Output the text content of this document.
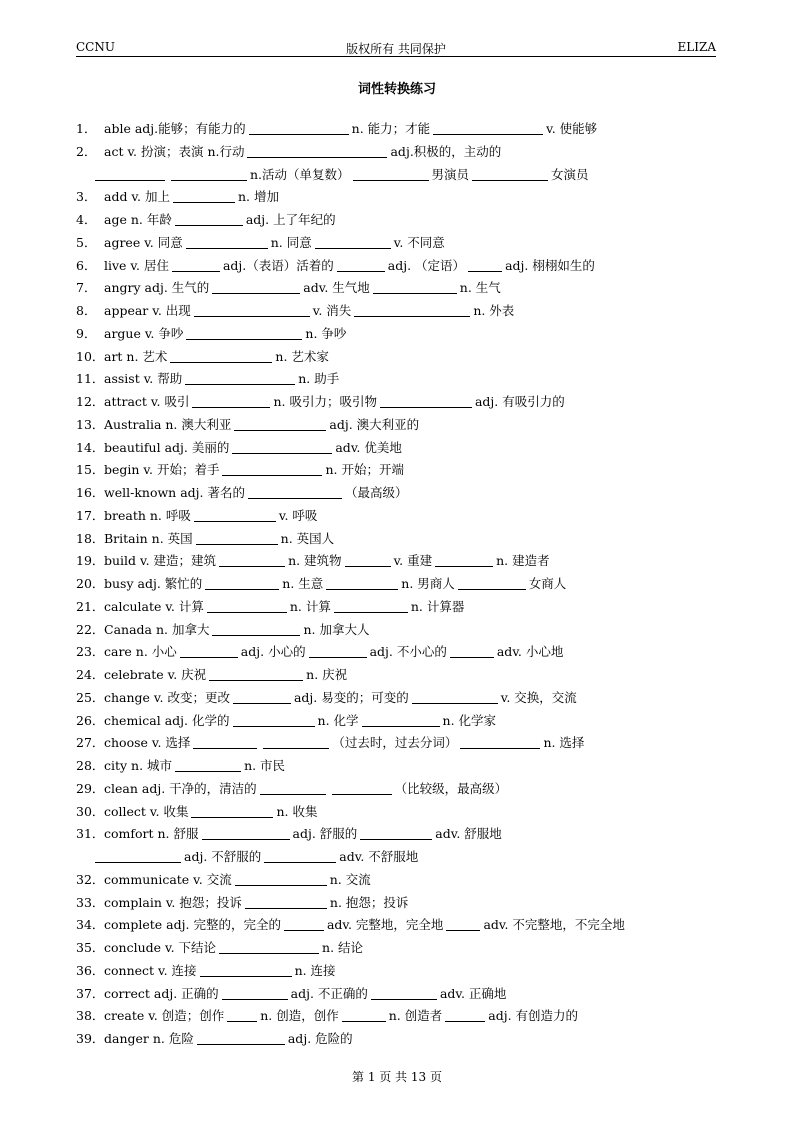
CCNU	版权所有 共同保护	ELIZA
词性转换练习
1． able adj.能够；有能力的	n. 能力；才能	v. 使能够
2． act v. 扮演；表演 n.行动	adj.积极的，主动的
n.活动（单复数）	男演员	女演员
3． add v. 加上	n. 增加
4． age n. 年龄	adj. 上了年纪的
5． agree v. 同意	n. 同意	v. 不同意
6． live v. 居住	adj.（表语）活着的	adj. （定语）	adj. 栩栩如生的
7． angry adj. 生气的	adv. 生气地	n. 生气
8． appear v. 出现	v. 消失	n. 外表
9． argue v. 争吵	n. 争吵
10．art n. 艺术	n. 艺术家
11．assist v. 帮助	n. 助手
12．attract v. 吸引	n. 吸引力；吸引物	adj. 有吸引力的
13．Australia n. 澳大利亚	adj. 澳大利亚的
14．beautiful adj. 美丽的	adv. 优美地
15．begin v. 开始；着手	n. 开始；开端
16．well-known adj. 著名的	（最高级）
17．breath n. 呼吸	v. 呼吸
18．Britain n. 英国	n. 英国人
19．build v. 建造；建筑	n. 建筑物	v. 重建	n. 建造者
20．busy adj. 繁忙的	n. 生意	n. 男商人	女商人
21．calculate v. 计算	n. 计算	n. 计算器
22．Canada n. 加拿大	n. 加拿大人
23．care n. 小心	adj. 小心的	adj. 不小心的	adv. 小心地
24．celebrate v. 庆祝	n. 庆祝
25．change v. 改变；更改	adj. 易变的；可变的	v. 交换，交流
26．chemical adj. 化学的	n. 化学	n. 化学家
27．choose v. 选择	（过去时，过去分词）	n. 选择
28．city n. 城市	n. 市民
29．clean adj. 干净的，清洁的	（比较级，最高级）
30．collect v. 收集	n. 收集
31．comfort n. 舒服	adj. 舒服的	adv. 舒服地
adj. 不舒服的	adv. 不舒服地
32．communicate v. 交流	n. 交流
33．complain v. 抱怨；投诉	n. 抱怨；投诉
34．complete adj. 完整的，完全的	adv. 完整地，完全地	adv. 不完整地，不完全地
35．conclude v. 下结论	n. 结论
36．connect v. 连接	n. 连接
37．correct adj. 正确的	adj. 不正确的	adv. 正确地
38．create v. 创造；创作	n. 创造，创作	n. 创造者	adj. 有创造力的
39．danger n. 危险	adj. 危险的
第 1 页 共 13 页
